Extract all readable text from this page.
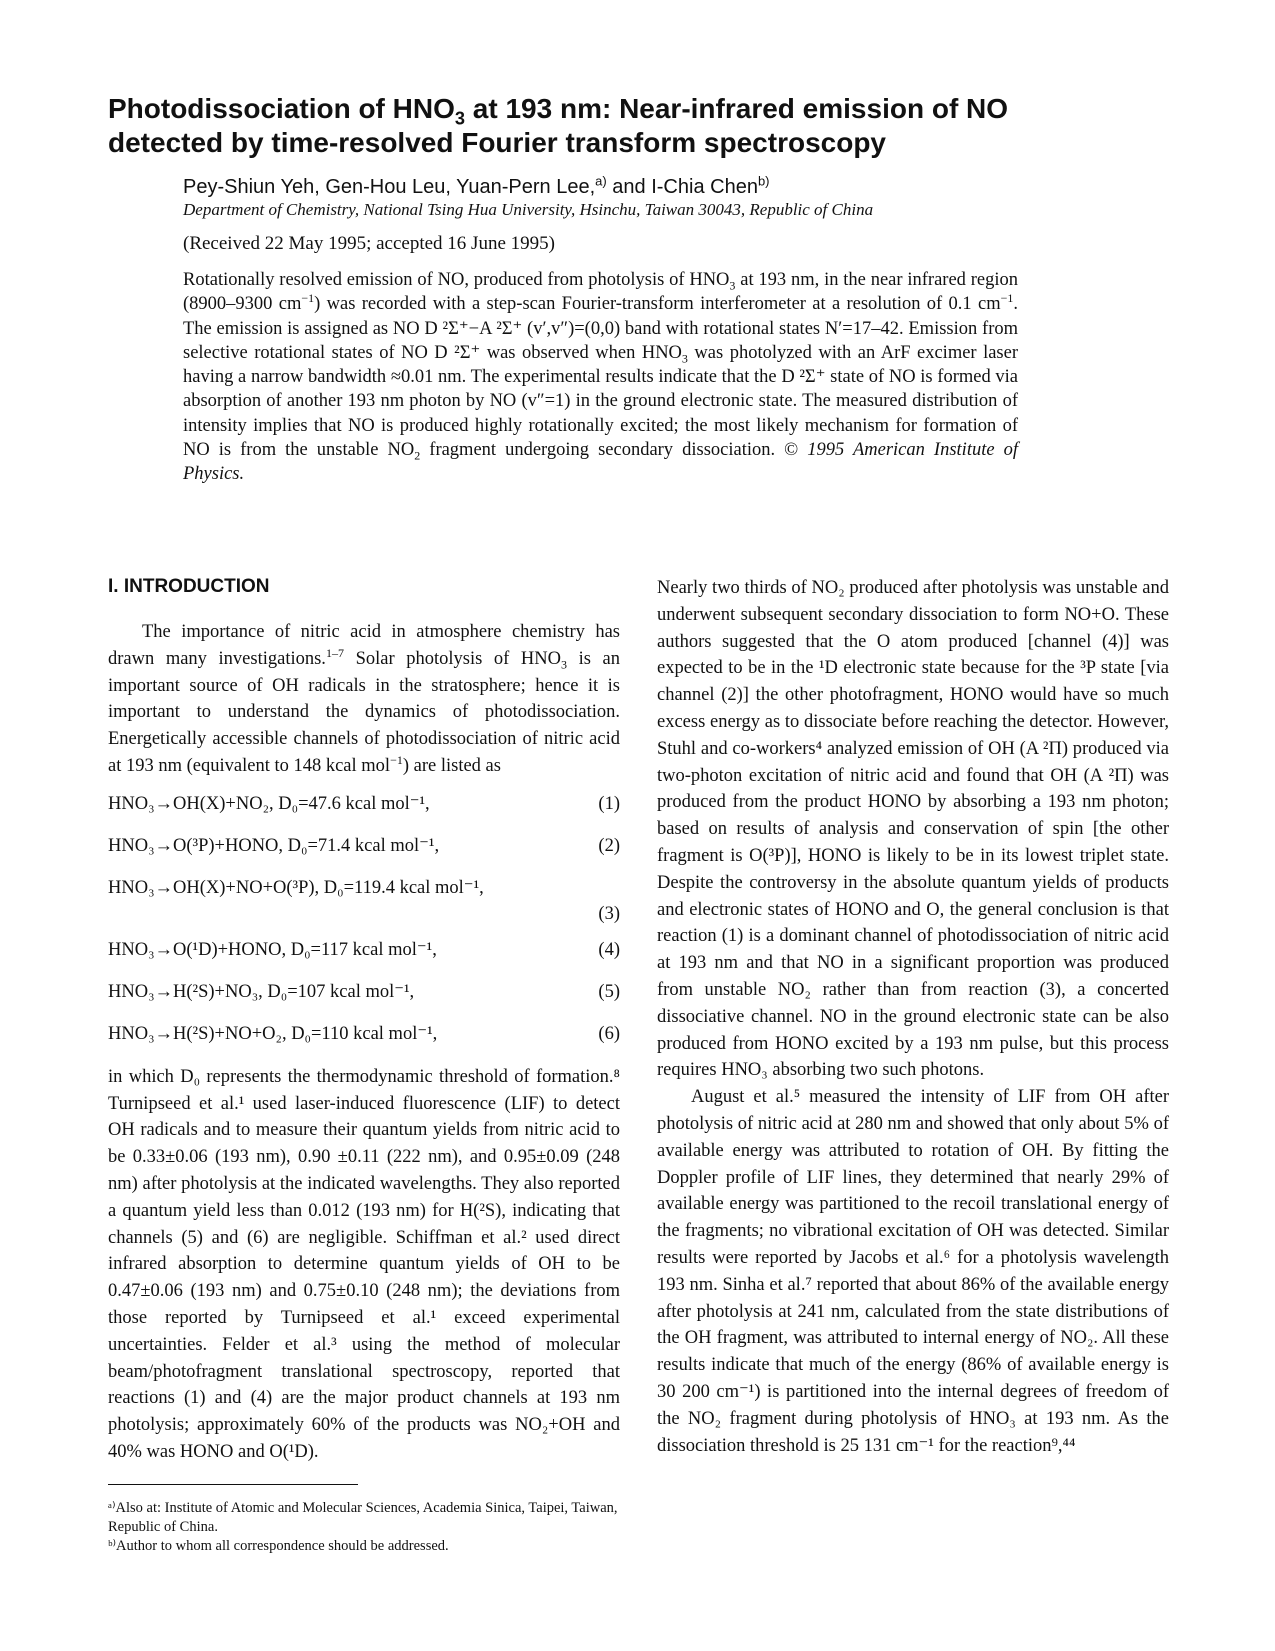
Photodissociation of $HNO_3$ at 193 nm: Near-infrared emission of NO
detected by time-resolved Fourier transform spectroscopy
Pey-Shiun Yeh, Gen-Hou Leu, Yuan-Pern Lee,$^{a)}$ and I-Chia Chen$^{b)}$
Department of Chemistry, National Tsing Hua University, Hsinchu, Taiwan 30043, Republic of China
(Received 22 May 1995; accepted 16 June 1995)

Rotationally resolved emission of NO, produced from photolysis of $HNO_3$ at 193 nm, in the near infrared region (8900–9300 $cm^{-1}$) was recorded with a step-scan Fourier-transform interferometer at a resolution of 0.1 $cm^{-1}$. The emission is assigned as NO D ²Σ⁺−A ²Σ⁺ (v′,v″)=(0,0) band with rotational states N′=17–42. Emission from selective rotational states of NO D ²Σ⁺ was observed when $HNO_3$ was photolyzed with an ArF excimer laser having a narrow bandwidth ≈0.01 nm. The experimental results indicate that the D ²Σ⁺ state of NO is formed via absorption of another 193 nm photon by NO (v″=1) in the ground electronic state. The measured distribution of intensity implies that NO is produced highly rotationally excited; the most likely mechanism for formation of NO is from the unstable $NO_2$ fragment undergoing secondary dissociation. © 1995 American Institute of Physics.

I. INTRODUCTION

The importance of nitric acid in atmosphere chemistry has drawn many investigations.$^{1-7}$ Solar photolysis of $HNO_3$ is an important source of OH radicals in the stratosphere; hence it is important to understand the dynamics of photodissociation. Energetically accessible channels of photodissociation of nitric acid at 193 nm (equivalent to 148 kcal mol$^{-1}$) are listed as

HNO₃→OH(X)+NO₂, D₀=47.6 kcal mol⁻¹,	(1)
HNO₃→O(³P)+HONO, D₀=71.4 kcal mol⁻¹,	(2)
HNO₃→OH(X)+NO+O(³P), D₀=119.4 kcal mol⁻¹,
(3)
HNO₃→O(¹D)+HONO, D₀=117 kcal mol⁻¹,	(4)
HNO₃→H(²S)+NO₃, D₀=107 kcal mol⁻¹,	(5)
HNO₃→H(²S)+NO+O₂, D₀=110 kcal mol⁻¹,	(6)

in which D₀ represents the thermodynamic threshold of formation.⁸ Turnipseed et al.¹ used laser-induced fluorescence (LIF) to detect OH radicals and to measure their quantum yields from nitric acid to be 0.33±0.06 (193 nm), 0.90 ±0.11 (222 nm), and 0.95±0.09 (248 nm) after photolysis at the indicated wavelengths. They also reported a quantum yield less than 0.012 (193 nm) for H(²S), indicating that channels (5) and (6) are negligible. Schiffman et al.² used direct infrared absorption to determine quantum yields of OH to be 0.47±0.06 (193 nm) and 0.75±0.10 (248 nm); the deviations from those reported by Turnipseed et al.¹ exceed experimental uncertainties. Felder et al.³ using the method of molecular beam/photofragment translational spectroscopy, reported that reactions (1) and (4) are the major product channels at 193 nm photolysis; approximately 60% of the products was NO₂+OH and 40% was HONO and O(¹D).

ᵃ⁾Also at: Institute of Atomic and Molecular Sciences, Academia Sinica, Taipei, Taiwan, Republic of China.
ᵇ⁾Author to whom all correspondence should be addressed.

Nearly two thirds of NO₂ produced after photolysis was unstable and underwent subsequent secondary dissociation to form NO+O. These authors suggested that the O atom produced [channel (4)] was expected to be in the ¹D electronic state because for the ³P state [via channel (2)] the other photofragment, HONO would have so much excess energy as to dissociate before reaching the detector. However, Stuhl and co-workers⁴ analyzed emission of OH (A ²Π) produced via two-photon excitation of nitric acid and found that OH (A ²Π) was produced from the product HONO by absorbing a 193 nm photon; based on results of analysis and conservation of spin [the other fragment is O(³P)], HONO is likely to be in its lowest triplet state. Despite the controversy in the absolute quantum yields of products and electronic states of HONO and O, the general conclusion is that reaction (1) is a dominant channel of photodissociation of nitric acid at 193 nm and that NO in a significant proportion was produced from unstable NO₂ rather than from reaction (3), a concerted dissociative channel. NO in the ground electronic state can be also produced from HONO excited by a 193 nm pulse, but this process requires HNO₃ absorbing two such photons.

August et al.⁵ measured the intensity of LIF from OH after photolysis of nitric acid at 280 nm and showed that only about 5% of available energy was attributed to rotation of OH. By fitting the Doppler profile of LIF lines, they determined that nearly 29% of available energy was partitioned to the recoil translational energy of the fragments; no vibrational excitation of OH was detected. Similar results were reported by Jacobs et al.⁶ for a photolysis wavelength 193 nm. Sinha et al.⁷ reported that about 86% of the available energy after photolysis at 241 nm, calculated from the state distributions of the OH fragment, was attributed to internal energy of NO₂. All these results indicate that much of the energy (86% of available energy is 30 200 cm⁻¹) is partitioned into the internal degrees of freedom of the NO₂ fragment during photolysis of HNO₃ at 193 nm. As the dissociation threshold is 25 131 cm⁻¹ for the reaction⁹,⁴⁴
